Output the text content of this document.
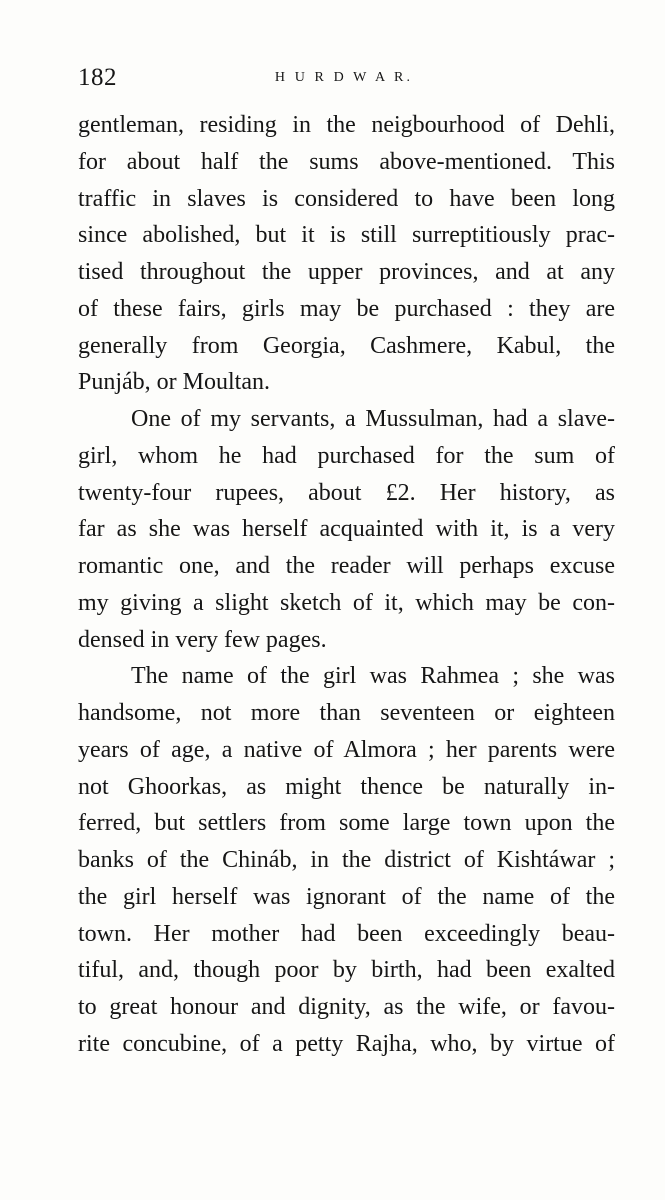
182	H U R D W A R.
gentleman, residing in the neigbourhood of Dehli,
for about half the sums above-mentioned. This
traffic in slaves is considered to have been long
since abolished, but it is still surreptitiously prac-
tised throughout the upper provinces, and at any
of these fairs, girls may be purchased : they are
generally from Georgia, Cashmere, Kabul, the
Punjáb, or Moultan.
One of my servants, a Mussulman, had a slave-
girl, whom he had purchased for the sum of
twenty-four rupees, about £2. Her history, as
far as she was herself acquainted with it, is a very
romantic one, and the reader will perhaps excuse
my giving a slight sketch of it, which may be con-
densed in very few pages.
The name of the girl was Rahmea ; she was
handsome, not more than seventeen or eighteen
years of age, a native of Almora ; her parents were
not Ghoorkas, as might thence be naturally in-
ferred, but settlers from some large town upon the
banks of the Chináb, in the district of Kishtáwar ;
the girl herself was ignorant of the name of the
town. Her mother had been exceedingly beau-
tiful, and, though poor by birth, had been exalted
to great honour and dignity, as the wife, or favou-
rite concubine, of a petty Rajha, who, by virtue of
